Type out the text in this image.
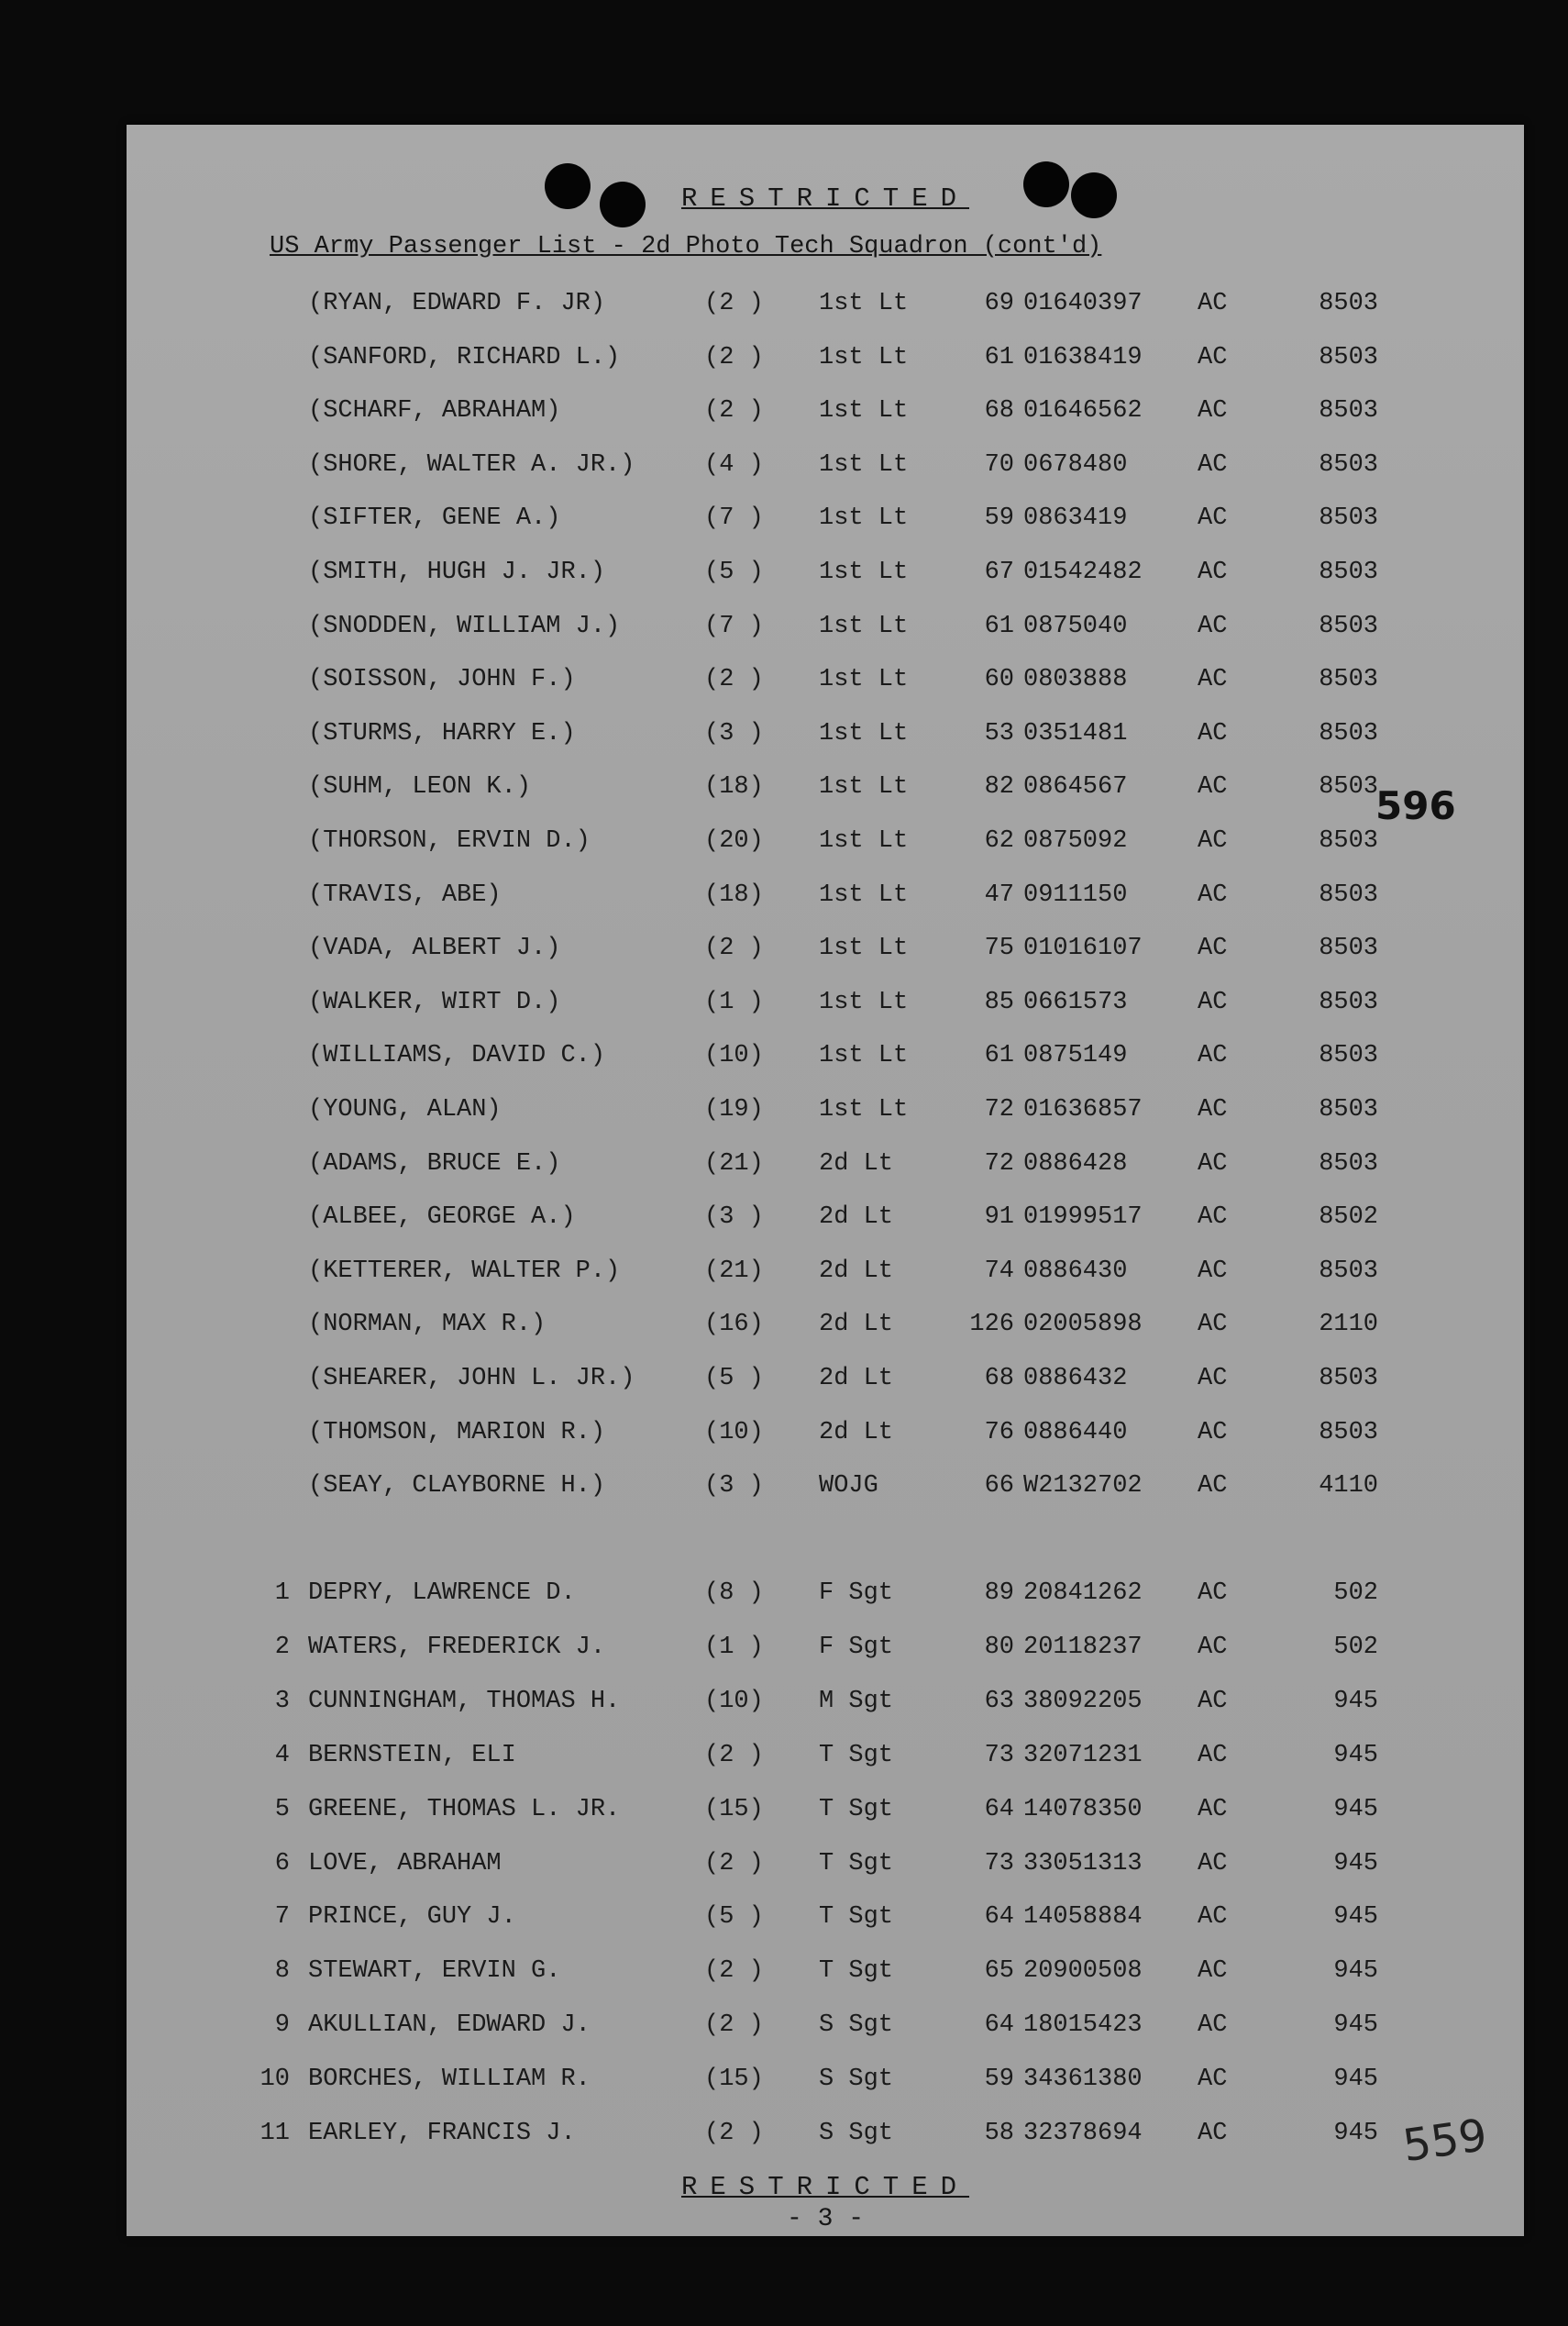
RESTRICTED
US Army Passenger List - 2d Photo Tech Squadron (cont'd)
(RYAN, EDWARD F. JR)	(2 ) 1st Lt	69 01640397 AC	8503
(SANFORD, RICHARD L.)	(2 ) 1st Lt	61 01638419 AC	8503
(SCHARF, ABRAHAM)	(2 ) 1st Lt	68 01646562 AC	8503
(SHORE, WALTER A. JR.)	(4 ) 1st Lt	70 0678480	AC	8503
(SIFTER, GENE A.)	(7 ) 1st Lt	59 0863419	AC	8503
(SMITH, HUGH J. JR.)	(5 ) 1st Lt	67 01542482 AC	8503
(SNODDEN, WILLIAM J.)	(7 ) 1st Lt	61 0875040	AC	8503
(SOISSON, JOHN F.)	(2 ) 1st Lt	60 0803888	AC	8503
(STURMS, HARRY E.)	(3 ) 1st Lt	53 0351481	AC	8503
(SUHM, LEON K.)	(18) 1st Lt	82 0864567	AC	8503
(THORSON, ERVIN D.)	(20) 1st Lt	62 0875092	AC	8503
(TRAVIS, ABE)	(18) 1st Lt	47 0911150	AC	8503
(VADA, ALBERT J.)	(2 ) 1st Lt	75 01016107 AC	8503
(WALKER, WIRT D.)	(1 ) 1st Lt	85 0661573	AC	8503
(WILLIAMS, DAVID C.)	(10) 1st Lt	61 0875149	AC	8503
(YOUNG, ALAN)	(19) 1st Lt	72 01636857 AC	8503
(ADAMS, BRUCE E.)	(21) 2d Lt	72 0886428	AC	8503
(ALBEE, GEORGE A.)	(3 ) 2d Lt	91 01999517 AC	8502
(KETTERER, WALTER P.)	(21) 2d Lt	74 0886430	AC	8503
(NORMAN, MAX R.)	(16) 2d Lt	126 02005898 AC	2110
(SHEARER, JOHN L. JR.)	(5 ) 2d Lt	68 0886432	AC	8503
(THOMSON, MARION R.)	(10) 2d Lt	76 0886440	AC	8503
(SEAY, CLAYBORNE H.)	(3 ) WOJG	66 W2132702 AC	4110
1 DEPRY, LAWRENCE D.	(8 ) F Sgt	89 20841262 AC	502
2 WATERS, FREDERICK J.	(1 ) F Sgt	80 20118237 AC	502
3 CUNNINGHAM, THOMAS H.	(10) M Sgt	63 38092205 AC	945
4 BERNSTEIN, ELI	(2 ) T Sgt	73 32071231 AC	945
5 GREENE, THOMAS L. JR.	(15) T Sgt	64 14078350 AC	945
6 LOVE, ABRAHAM	(2 ) T Sgt	73 33051313 AC	945
7 PRINCE, GUY J.	(5 ) T Sgt	64 14058884 AC	945
8 STEWART, ERVIN G.	(2 ) T Sgt	65 20900508 AC	945
9 AKULLIAN, EDWARD J.	(2 ) S Sgt	64 18015423 AC	945
10 BORCHES, WILLIAM R.	(15) S Sgt	59 34361380 AC	945
11 EARLEY, FRANCIS J.	(2 ) S Sgt	58 32378694 AC	945
596
559
RESTRICTED
- 3 -
